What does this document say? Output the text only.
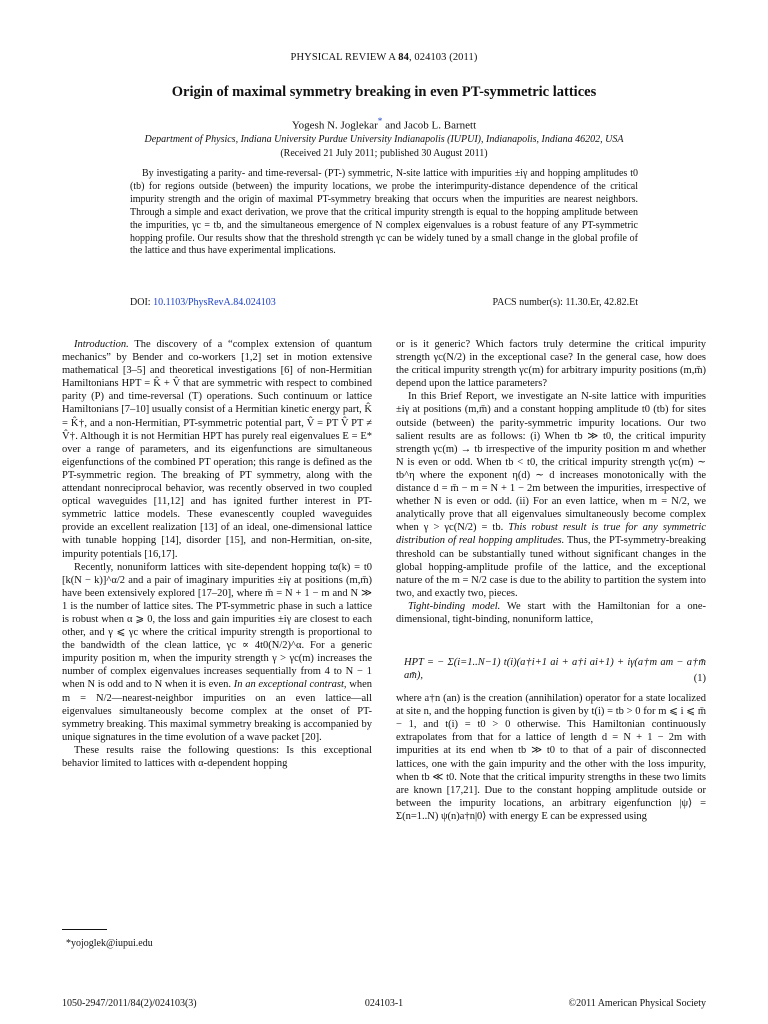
PHYSICAL REVIEW A 84, 024103 (2011)
Origin of maximal symmetry breaking in even PT-symmetric lattices
Yogesh N. Joglekar* and Jacob L. Barnett
Department of Physics, Indiana University Purdue University Indianapolis (IUPUI), Indianapolis, Indiana 46202, USA
(Received 21 July 2011; published 30 August 2011)
By investigating a parity- and time-reversal- (PT-) symmetric, N-site lattice with impurities ±iγ and hopping amplitudes t0 (tb) for regions outside (between) the impurity locations, we probe the interimpurity-distance dependence of the critical impurity strength and the origin of maximal PT-symmetry breaking that occurs when the impurities are nearest neighbors. Through a simple and exact derivation, we prove that the critical impurity strength is equal to the hopping amplitude between the impurities, γc = tb, and the simultaneous emergence of N complex eigenvalues is a robust feature of any PT-symmetric hopping profile. Our results show that the threshold strength γc can be widely tuned by a small change in the global profile of the lattice and thus have experimental implications.
DOI: 10.1103/PhysRevA.84.024103	PACS number(s): 11.30.Er, 42.82.Et

Introduction. The discovery of a “complex extension of quantum mechanics” by Bender and co-workers [1,2] set in motion extensive mathematical [3–5] and theoretical investigations [6] of non-Hermitian Hamiltonians HPT = K̂ + V̂ that are symmetric with respect to combined parity (P) and time-reversal (T) operations. Such continuum or lattice Hamiltonians [7–10] usually consist of a Hermitian kinetic energy part, K̂ = K̂†, and a non-Hermitian, PT-symmetric potential part, V̂ = PT V̂ PT ≠ V̂†. Although it is not Hermitian HPT has purely real eigenvalues E = E* over a range of parameters, and its eigenfunctions are simultaneous eigenfunctions of the combined PT operation; this range is defined as the PT-symmetric region. The breaking of PT symmetry, along with the attendant nonreciprocal behavior, was recently observed in two coupled optical waveguides [11,12] and has ignited further interest in PT-symmetric lattice models. These evanescently coupled waveguides provide an excellent realization [13] of an ideal, one-dimensional lattice with tunable hopping [14], disorder [15], and non-Hermitian, on-site, impurity potentials [16,17].

Recently, nonuniform lattices with site-dependent hopping tα(k) = t0 [k(N − k)]^α/2 and a pair of imaginary impurities ±iγ at positions (m,m̄) have been extensively explored [17–20], where m̄ = N + 1 − m and N ≫ 1 is the number of lattice sites. The PT-symmetric phase in such a lattice is robust when α ⩾ 0, the loss and gain impurities ±iγ are closest to each other, and γ ⩽ γc where the critical impurity strength is proportional to the bandwidth of the clean lattice, γc ∝ 4t0(N/2)^α. For a generic impurity position m, when the impurity strength γ > γc(m) increases the number of complex eigenvalues increases sequentially from 4 to N − 1 when N is odd and to N when it is even. In an exceptional contrast, when m = N/2—nearest-neighbor impurities on an even lattice—all eigenvalues simultaneously become complex at the onset of PT-symmetry breaking. This maximal symmetry breaking is accompanied by unique signatures in the time evolution of a wave packet [20].

These results raise the following questions: Is this exceptional behavior limited to lattices with α-dependent hopping

or is it generic? Which factors truly determine the critical impurity strength γc(N/2) in the exceptional case? In the general case, how does the critical impurity strength γc(m) for arbitrary impurity positions (m,m̄) depend upon the lattice parameters?

In this Brief Report, we investigate an N-site lattice with impurities ±iγ at positions (m,m̄) and a constant hopping amplitude t0 (tb) for sites outside (between) the parity-symmetric impurity locations. Our two salient results are as follows: (i) When tb ≫ t0, the critical impurity strength γc(m) → tb irrespective of the impurity position m and whether N is even or odd. When tb < t0, the critical impurity strength γc(m) ∼ tb^η where the exponent η(d) ∼ d increases monotonically with the distance d = m̄ − m = N + 1 − 2m between the impurities, irrespective of whether N is even or odd. (ii) For an even lattice, when m = N/2, we analytically prove that all eigenvalues simultaneously become complex when γ > γc(N/2) = tb. This robust result is true for any symmetric distribution of real hopping amplitudes. Thus, the PT-symmetry-breaking threshold can be substantially tuned without significant changes in the global hopping-amplitude profile of the lattice, and the exceptional nature of the m = N/2 case is due to the ability to partition the system into two, and exactly two, pieces.

Tight-binding model. We start with the Hamiltonian for a one-dimensional, tight-binding, nonuniform lattice,

HPT = − Σ(i=1..N−1) t(i)(a†i+1 ai + a†i ai+1) + iγ(a†m am − a†m̄ am̄),	(1)

where a†n (an) is the creation (annihilation) operator for a state localized at site n, and the hopping function is given by t(i) = tb > 0 for m ⩽ i ⩽ m̄ − 1, and t(i) = t0 > 0 otherwise. This Hamiltonian continuously extrapolates from that for a lattice of length d = N + 1 − 2m with impurities at its end when tb ≫ t0 to that of a pair of disconnected lattices, one with the gain impurity and the other with the loss impurity, when tb ≪ t0. Note that the critical impurity strengths in these two limits are known [17,21]. Due to the constant hopping amplitude outside or between the impurity locations, an arbitrary eigenfunction |ψ⟩ = Σ(n=1..N) ψ(n)a†n|0⟩ with energy E can be expressed using

*yojoglek@iupui.edu
1050-2947/2011/84(2)/024103(3)	024103-1	©2011 American Physical Society
